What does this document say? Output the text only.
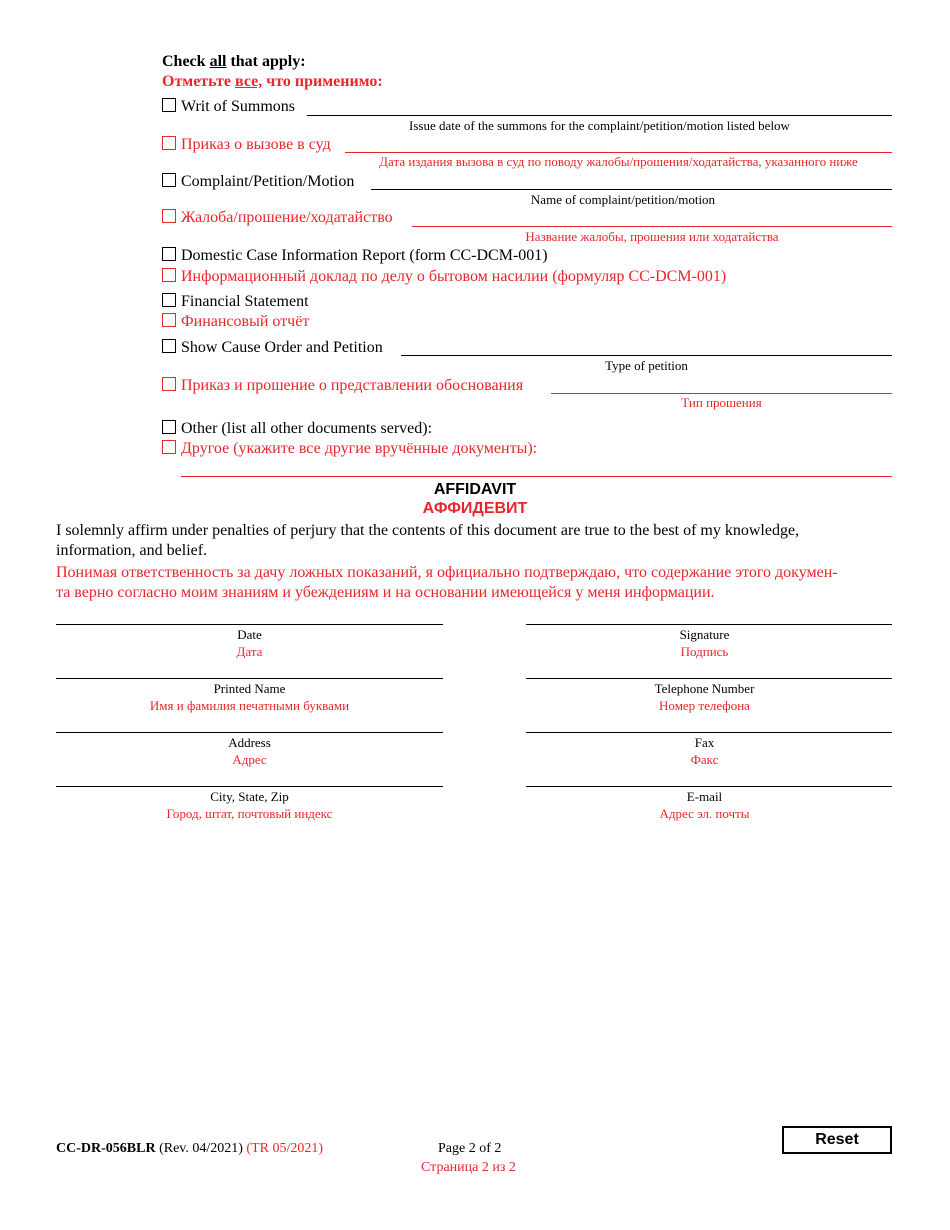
Check all that apply:
Отметьте все, что применимо:
Writ of Summons
Issue date of the summons for the complaint/petition/motion listed below
Приказ о вызове в суд
Дата издания вызова в суд по поводу жалобы/прошения/ходатайства, указанного ниже
Complaint/Petition/Motion
Name of complaint/petition/motion
Жалоба/прошение/ходатайство
Название жалобы, прошения или ходатайства
Domestic Case Information Report (form CC-DCM-001)
Информационный доклад по делу о бытовом насилии (формуляр CC-DCM-001)
Financial Statement
Финансовый отчёт
Show Cause Order and Petition
Type of petition
Приказ и прошение о представлении обоснования
Тип прошения
Other (list all other documents served):
Другое (укажите все другие вручённые документы):
AFFIDAVIT
АФФИДЕВИТ
I solemnly affirm under penalties of perjury that the contents of this document are true to the best of my knowledge,
information, and belief.
Понимая ответственность за дачу ложных показаний, я официально подтверждаю, что содержание этого докумен-
та верно согласно моим знаниям и убеждениям и на основании имеющейся у меня информации.
Date
Дата
Signature
Подпись
Printed Name
Имя и фамилия печатными буквами
Telephone Number
Номер телефона
Address
Адрес
Fax
Факс
City, State, Zip
Город, штат, почтовый индекс
E-mail
Адрес эл. почты
CC-DR-056BLR (Rev. 04/2021) (TR 05/2021)	Page 2 of 2
Страница 2 из 2
Reset
